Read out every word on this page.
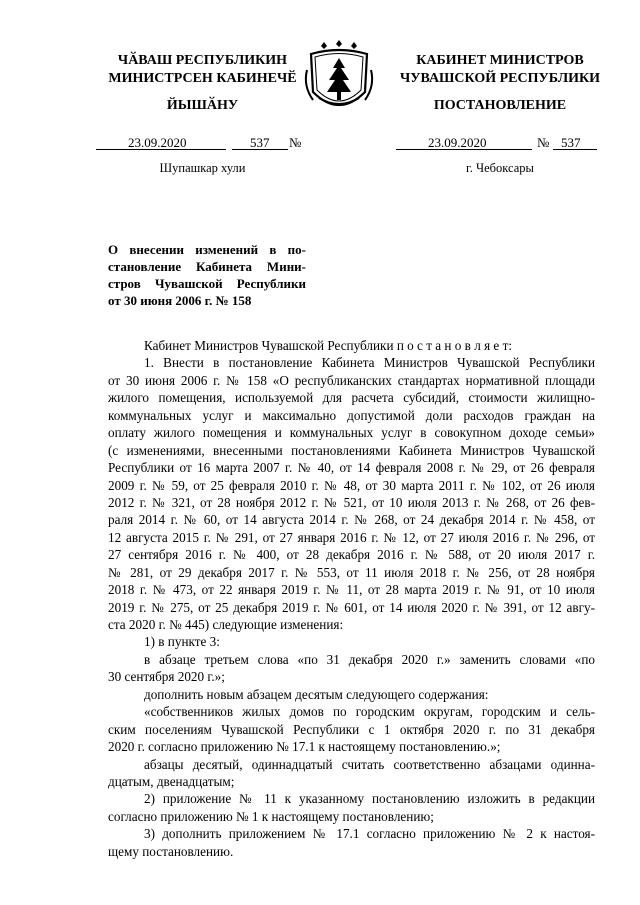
ЧӐВАШ РЕСПУБЛИКИН
МИНИСТРСЕН КАБИНЕЧӖ
ЙЫШӐНУ
КАБИНЕТ МИНИСТРОВ
ЧУВАШСКОЙ РЕСПУБЛИКИ
ПОСТАНОВЛЕНИЕ
23.09.2020	537 №	23.09.2020	№ 537
Шупашкар хули	г. Чебоксары
О внесении изменений в по-
становление Кабинета Мини-
стров Чувашской Республики
от 30 июня 2006 г. № 158
Кабинет Министров Чувашской Республики п о с т а н о в л я е т:
1. Внести в постановление Кабинета Министров Чувашской Республики
от 30 июня 2006 г. № 158 «О республиканских стандартах нормативной площади
жилого помещения, используемой для расчета субсидий, стоимости жилищно-
коммунальных услуг и максимально допустимой доли расходов граждан на
оплату жилого помещения и коммунальных услуг в совокупном доходе семьи»
(с изменениями, внесенными постановлениями Кабинета Министров Чувашской
Республики от 16 марта 2007 г. № 40, от 14 февраля 2008 г. № 29, от 26 февраля
2009 г. № 59, от 25 февраля 2010 г. № 48, от 30 марта 2011 г. № 102, от 26 июля
2012 г. № 321, от 28 ноября 2012 г. № 521, от 10 июля 2013 г. № 268, от 26 фев-
раля 2014 г. № 60, от 14 августа 2014 г. № 268, от 24 декабря 2014 г. № 458, от
12 августа 2015 г. № 291, от 27 января 2016 г. № 12, от 27 июля 2016 г. № 296, от
27 сентября 2016 г. № 400, от 28 декабря 2016 г. № 588, от 20 июля 2017 г.
№ 281, от 29 декабря 2017 г. № 553, от 11 июля 2018 г. № 256, от 28 ноября
2018 г. № 473, от 22 января 2019 г. № 11, от 28 марта 2019 г. № 91, от 10 июля
2019 г. № 275, от 25 декабря 2019 г. № 601, от 14 июля 2020 г. № 391, от 12 авгу-
ста 2020 г. № 445) следующие изменения:
1) в пункте 3:
в абзаце третьем слова «по 31 декабря 2020 г.» заменить словами «по
30 сентября 2020 г.»;
дополнить новым абзацем десятым следующего содержания:
«собственников жилых домов по городским округам, городским и сель-
ским поселениям Чувашской Республики с 1 октября 2020 г. по 31 декабря
2020 г. согласно приложению № 17.1 к настоящему постановлению.»;
абзацы десятый, одиннадцатый считать соответственно абзацами одинна-
дцатым, двенадцатым;
2) приложение № 11 к указанному постановлению изложить в редакции
согласно приложению № 1 к настоящему постановлению;
3) дополнить приложением № 17.1 согласно приложению № 2 к настоя-
щему постановлению.
